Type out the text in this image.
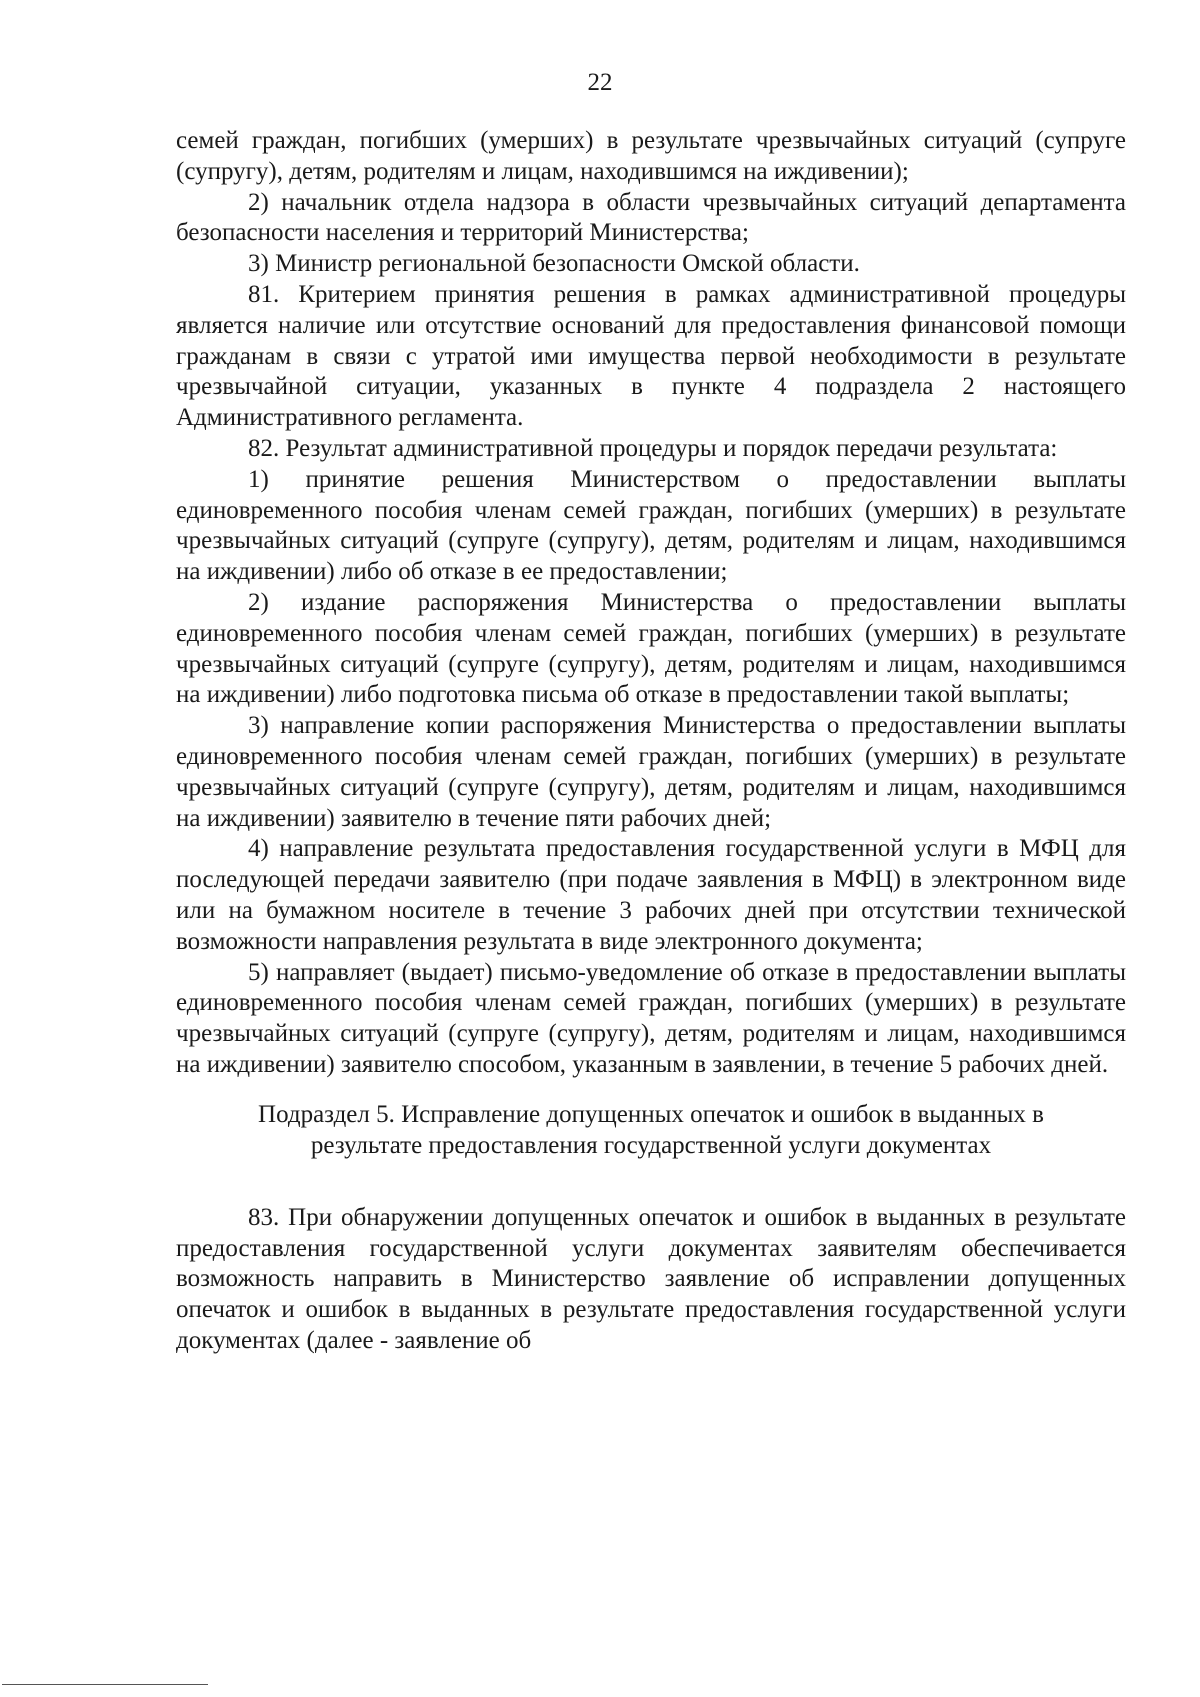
22

семей граждан, погибших (умерших) в результате чрезвычайных ситуаций (супруге (супругу), детям, родителям и лицам, находившимся на иждивении);

2) начальник отдела надзора в области чрезвычайных ситуаций департамента безопасности населения и территорий Министерства;

3) Министр региональной безопасности Омской области.

81. Критерием принятия решения в рамках административной процедуры является наличие или отсутствие оснований для предоставления финансовой помощи гражданам в связи с утратой ими имущества первой необходимости в результате чрезвычайной ситуации, указанных в пункте 4 подраздела 2 настоящего Административного регламента.

82. Результат административной процедуры и порядок передачи результата:

1) принятие решения Министерством о предоставлении выплаты единовременного пособия членам семей граждан, погибших (умерших) в результате чрезвычайных ситуаций (супруге (супругу), детям, родителям и лицам, находившимся на иждивении) либо об отказе в ее предоставлении;

2) издание распоряжения Министерства о предоставлении выплаты единовременного пособия членам семей граждан, погибших (умерших) в результате чрезвычайных ситуаций (супруге (супругу), детям, родителям и лицам, находившимся на иждивении) либо подготовка письма об отказе в предоставлении такой выплаты;

3) направление копии распоряжения Министерства о предоставлении выплаты единовременного пособия членам семей граждан, погибших (умерших) в результате чрезвычайных ситуаций (супруге (супругу), детям, родителям и лицам, находившимся на иждивении) заявителю в течение пяти рабочих дней;

4) направление результата предоставления государственной услуги в МФЦ для последующей передачи заявителю (при подаче заявления в МФЦ) в электронном виде или на бумажном носителе в течение 3 рабочих дней при отсутствии технической возможности направления результата в виде электронного документа;

5) направляет (выдает) письмо-уведомление об отказе в предоставлении выплаты единовременного пособия членам семей граждан, погибших (умерших) в результате чрезвычайных ситуаций (супруге (супругу), детям, родителям и лицам, находившимся на иждивении) заявителю способом, указанным в заявлении, в течение 5 рабочих дней.

Подраздел 5. Исправление допущенных опечаток и ошибок в выданных в
результате предоставления государственной услуги документах

83. При обнаружении допущенных опечаток и ошибок в выданных в результате предоставления государственной услуги документах заявителям обеспечивается возможность направить в Министерство заявление об исправлении допущенных опечаток и ошибок в выданных в результате предоставления государственной услуги документах (далее - заявление об
